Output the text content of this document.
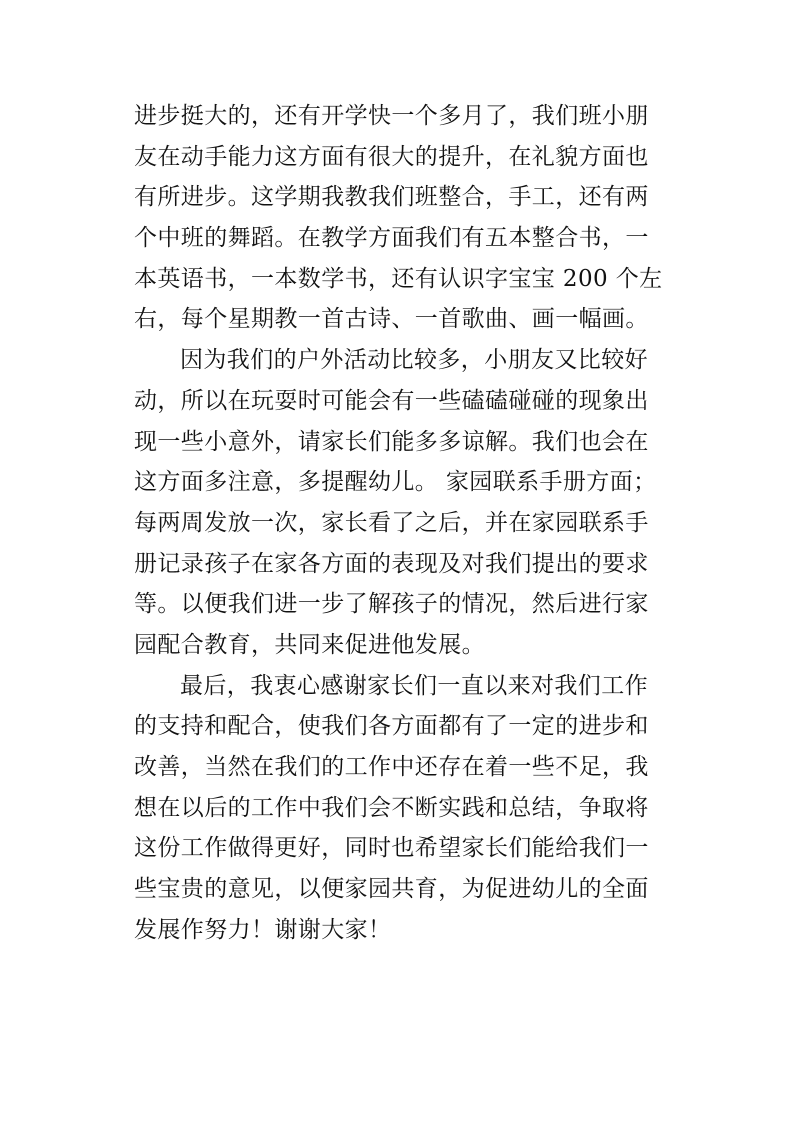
进步挺大的，还有开学快一个多月了，我们班小朋
友在动手能力这方面有很大的提升，在礼貌方面也
有所进步。这学期我教我们班整合，手工，还有两
个中班的舞蹈。在教学方面我们有五本整合书，一
本英语书，一本数学书，还有认识字宝宝 200 个左
右，每个星期教一首古诗、一首歌曲、画一幅画。
因为我们的户外活动比较多，小朋友又比较好
动，所以在玩耍时可能会有一些磕磕碰碰的现象出
现一些小意外，请家长们能多多谅解。我们也会在
这方面多注意，多提醒幼儿。 家园联系手册方面；
每两周发放一次，家长看了之后，并在家园联系手
册记录孩子在家各方面的表现及对我们提出的要求
等。以便我们进一步了解孩子的情况，然后进行家
园配合教育，共同来促进他发展。
最后，我衷心感谢家长们一直以来对我们工作
的支持和配合，使我们各方面都有了一定的进步和
改善，当然在我们的工作中还存在着一些不足，我
想在以后的工作中我们会不断实践和总结，争取将
这份工作做得更好，同时也希望家长们能给我们一
些宝贵的意见，以便家园共育，为促进幼儿的全面
发展作努力！谢谢大家！
